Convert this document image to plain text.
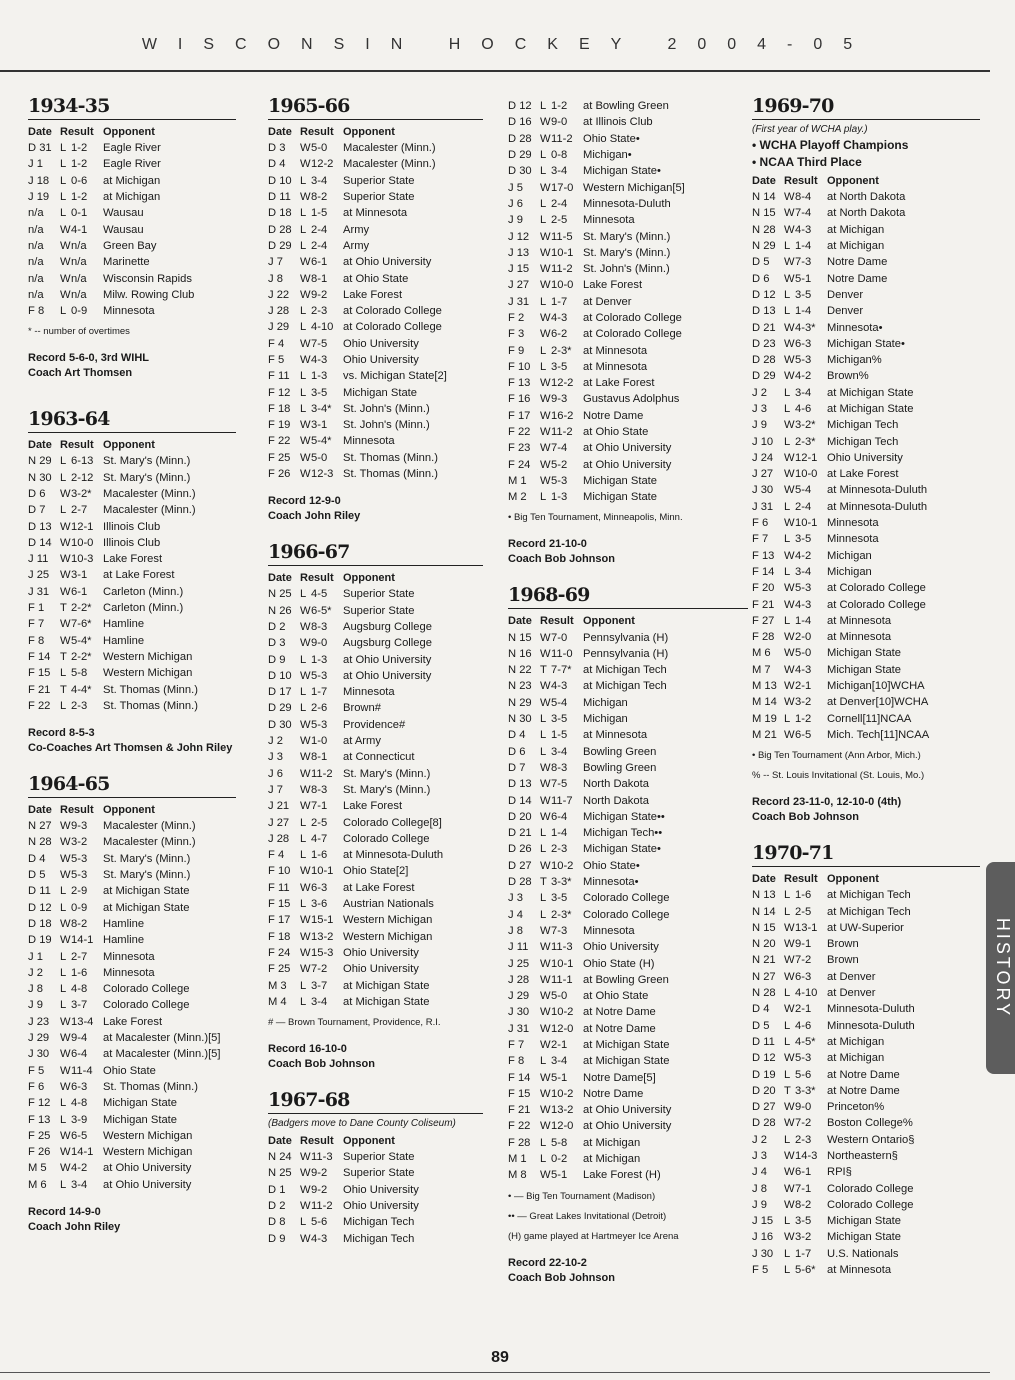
WISCONSIN HOCKEY 2004-05
1934-35
Date	Result		Opponent
D 31	L	1-2	Eagle River
J 1	L	1-2	Eagle River
J 18	L	0-6	at Michigan
J 19	L	1-2	at Michigan
n/a	L	0-1	Wausau
n/a	W	4-1	Wausau
n/a	W	n/a	Green Bay
n/a	W	n/a	Marinette
n/a	W	n/a	Wisconsin Rapids
n/a	W	n/a	Milw. Rowing Club
F 8	L	0-9	Minnesota
* -- number of overtimes
Record 5-6-0, 3rd WIHL
Coach Art Thomsen
1963-64
Date	Result		Opponent
N 29	L	6-13	St. Mary's (Minn.)
N 30	L	2-12	St. Mary's (Minn.)
D 6	W	3-2*	Macalester (Minn.)
D 7	L	2-7	Macalester (Minn.)
D 13	W	12-1	Illinois Club
D 14	W	10-0	Illinois Club
J 11	W	10-3	Lake Forest
J 25	W	3-1	at Lake Forest
J 31	W	6-1	Carleton (Minn.)
F 1	T	2-2*	Carleton (Minn.)
F 7	W	7-6*	Hamline
F 8	W	5-4*	Hamline
F 14	T	2-2*	Western Michigan
F 15	L	5-8	Western Michigan
F 21	T	4-4*	St. Thomas (Minn.)
F 22	L	2-3	St. Thomas (Minn.)
Record 8-5-3
Co-Coaches Art Thomsen & John Riley
1964-65
Date	Result		Opponent
N 27	W	9-3	Macalester (Minn.)
N 28	W	3-2	Macalester (Minn.)
D 4	W	5-3	St. Mary's (Minn.)
D 5	W	5-3	St. Mary's (Minn.)
D 11	L	2-9	at Michigan State
D 12	L	0-9	at Michigan State
D 18	W	8-2	Hamline
D 19	W	14-1	Hamline
J 1	L	2-7	Minnesota
J 2	L	1-6	Minnesota
J 8	L	4-8	Colorado College
J 9	L	3-7	Colorado College
J 23	W	13-4	Lake Forest
J 29	W	9-4	at Macalester (Minn.)[5]
J 30	W	6-4	at Macalester (Minn.)[5]
F 5	W	11-4	Ohio State
F 6	W	6-3	St. Thomas (Minn.)
F 12	L	4-8	Michigan State
F 13	L	3-9	Michigan State
F 25	W	6-5	Western Michigan
F 26	W	14-1	Western Michigan
M 5	W	4-2	at Ohio University
M 6	L	3-4	at Ohio University
Record 14-9-0
Coach John Riley
1965-66
Date	Result		Opponent
D 3	W	5-0	Macalester (Minn.)
D 4	W	12-2	Macalester (Minn.)
D 10	L	3-4	Superior State
D 11	W	8-2	Superior State
D 18	L	1-5	at Minnesota
D 28	L	2-4	Army
D 29	L	2-4	Army
J 7	W	6-1	at Ohio University
J 8	W	8-1	at Ohio State
J 22	W	9-2	Lake Forest
J 28	L	2-3	at Colorado College
J 29	L	4-10	at Colorado College
F 4	W	7-5	Ohio University
F 5	W	4-3	Ohio University
F 11	L	1-3	vs. Michigan State[2]
F 12	L	3-5	Michigan State
F 18	L	3-4*	St. John's (Minn.)
F 19	W	3-1	St. John's (Minn.)
F 22	W	5-4*	Minnesota
F 25	W	5-0	St. Thomas (Minn.)
F 26	W	12-3	St. Thomas (Minn.)
Record 12-9-0
Coach John Riley
1966-67
Date	Result		Opponent
N 25	L	4-5	Superior State
N 26	W	6-5*	Superior State
D 2	W	8-3	Augsburg College
D 3	W	9-0	Augsburg College
D 9	L	1-3	at Ohio University
D 10	W	5-3	at Ohio University
D 17	L	1-7	Minnesota
D 29	L	2-6	Brown#
D 30	W	5-3	Providence#
J 2	W	1-0	at Army
J 3	W	8-1	at Connecticut
J 6	W	11-2	St. Mary's (Minn.)
J 7	W	8-3	St. Mary's (Minn.)
J 21	W	7-1	Lake Forest
J 27	L	2-5	Colorado College[8]
J 28	L	4-7	Colorado College
F 4	L	1-6	at Minnesota-Duluth
F 10	W	10-1	Ohio State[2]
F 11	W	6-3	at Lake Forest
F 15	L	3-6	Austrian Nationals
F 17	W	15-1	Western Michigan
F 18	W	13-2	Western Michigan
F 24	W	15-3	Ohio University
F 25	W	7-2	Ohio University
M 3	L	3-7	at Michigan State
M 4	L	3-4	at Michigan State
# — Brown Tournament, Providence, R.I.
Record 16-10-0
Coach Bob Johnson
1967-68
(Badgers move to Dane County Coliseum)
Date	Result		Opponent
N 24	W	11-3	Superior State
N 25	W	9-2	Superior State
D 1	W	9-2	Ohio University
D 2	W	11-2	Ohio University
D 8	L	5-6	Michigan Tech
D 9	W	4-3	Michigan Tech
D 12	L	1-2	at Bowling Green
D 16	W	9-0	at Illinois Club
D 28	W	11-2	Ohio State•
D 29	L	0-8	Michigan•
D 30	L	3-4	Michigan State•
J 5	W	17-0	Western Michigan[5]
J 6	L	2-4	Minnesota-Duluth
J 9	L	2-5	Minnesota
J 12	W	11-5	St. Mary's (Minn.)
J 13	W	10-1	St. Mary's (Minn.)
J 15	W	11-2	St. John's (Minn.)
J 27	W	10-0	Lake Forest
J 31	L	1-7	at Denver
F 2	W	4-3	at Colorado College
F 3	W	6-2	at Colorado College
F 9	L	2-3*	at Minnesota
F 10	L	3-5	at Minnesota
F 13	W	12-2	at Lake Forest
F 16	W	9-3	Gustavus Adolphus
F 17	W	16-2	Notre Dame
F 22	W	11-2	at Ohio State
F 23	W	7-4	at Ohio University
F 24	W	5-2	at Ohio University
M 1	W	5-3	Michigan State
M 2	L	1-3	Michigan State
• Big Ten Tournament, Minneapolis, Minn.
Record 21-10-0
Coach Bob Johnson
1968-69
Date	Result		Opponent
N 15	W	7-0	Pennsylvania (H)
N 16	W	11-0	Pennsylvania (H)
N 22	T	7-7*	at Michigan Tech
N 23	W	4-3	at Michigan Tech
N 29	W	5-4	Michigan
N 30	L	3-5	Michigan
D 4	L	1-5	at Minnesota
D 6	L	3-4	Bowling Green
D 7	W	8-3	Bowling Green
D 13	W	7-5	North Dakota
D 14	W	11-7	North Dakota
D 20	W	6-4	Michigan State••
D 21	L	1-4	Michigan Tech••
D 26	L	2-3	Michigan State•
D 27	W	10-2	Ohio State•
D 28	T	3-3*	Minnesota•
J 3	L	3-5	Colorado College
J 4	L	2-3*	Colorado College
J 8	W	7-3	Minnesota
J 11	W	11-3	Ohio University
J 25	W	10-1	Ohio State (H)
J 28	W	11-1	at Bowling Green
J 29	W	5-0	at Ohio State
J 30	W	10-2	at Notre Dame
J 31	W	12-0	at Notre Dame
F 7	W	2-1	at Michigan State
F 8	L	3-4	at Michigan State
F 14	W	5-1	Notre Dame[5]
F 15	W	10-2	Notre Dame
F 21	W	13-2	at Ohio University
F 22	W	12-0	at Ohio University
F 28	L	5-8	at Michigan
M 1	L	0-2	at Michigan
M 8	W	5-1	Lake Forest (H)
• — Big Ten Tournament (Madison)
•• — Great Lakes Invitational (Detroit)
(H) game played at Hartmeyer Ice Arena
Record 22-10-2
Coach Bob Johnson
1969-70
(First year of WCHA play.)
• WCHA Playoff Champions
• NCAA Third Place
Date	Result		Opponent
N 14	W	8-4	at North Dakota
N 15	W	7-4	at North Dakota
N 28	W	4-3	at Michigan
N 29	L	1-4	at Michigan
D 5	W	7-3	Notre Dame
D 6	W	5-1	Notre Dame
D 12	L	3-5	Denver
D 13	L	1-4	Denver
D 21	W	4-3*	Minnesota•
D 23	W	6-3	Michigan State•
D 28	W	5-3	Michigan%
D 29	W	4-2	Brown%
J 2	L	3-4	at Michigan State
J 3	L	4-6	at Michigan State
J 9	W	3-2*	Michigan Tech
J 10	L	2-3*	Michigan Tech
J 24	W	12-1	Ohio University
J 27	W	10-0	at Lake Forest
J 30	W	5-4	at Minnesota-Duluth
J 31	L	2-4	at Minnesota-Duluth
F 6	W	10-1	Minnesota
F 7	L	3-5	Minnesota
F 13	W	4-2	Michigan
F 14	L	3-4	Michigan
F 20	W	5-3	at Colorado College
F 21	W	4-3	at Colorado College
F 27	L	1-4	at Minnesota
F 28	W	2-0	at Minnesota
M 6	W	5-0	Michigan State
M 7	W	4-3	Michigan State
M 13	W	2-1	Michigan[10]WCHA
M 14	W	3-2	at Denver[10]WCHA
M 19	L	1-2	Cornell[11]NCAA
M 21	W	6-5	Mich. Tech[11]NCAA
• Big Ten Tournament (Ann Arbor, Mich.)
% -- St. Louis Invitational (St. Louis, Mo.)
Record 23-11-0, 12-10-0 (4th)
Coach Bob Johnson
1970-71
Date	Result		Opponent
N 13	L	1-6	at Michigan Tech
N 14	L	2-5	at Michigan Tech
N 15	W	13-1	at UW-Superior
N 20	W	9-1	Brown
N 21	W	7-2	Brown
N 27	W	6-3	at Denver
N 28	L	4-10	at Denver
D 4	W	2-1	Minnesota-Duluth
D 5	L	4-6	Minnesota-Duluth
D 11	L	4-5*	at Michigan
D 12	W	5-3	at Michigan
D 19	L	5-6	at Notre Dame
D 20	T	3-3*	at Notre Dame
D 27	W	9-0	Princeton%
D 28	W	7-2	Boston College%
J 2	L	2-3	Western Ontario§
J 3	W	14-3	Northeastern§
J 4	W	6-1	RPI§
J 8	W	7-1	Colorado College
J 9	W	8-2	Colorado College
J 15	L	3-5	Michigan State
J 16	W	3-2	Michigan State
J 30	L	1-7	U.S. Nationals
F 5	L	5-6*	at Minnesota
HISTORY
89
